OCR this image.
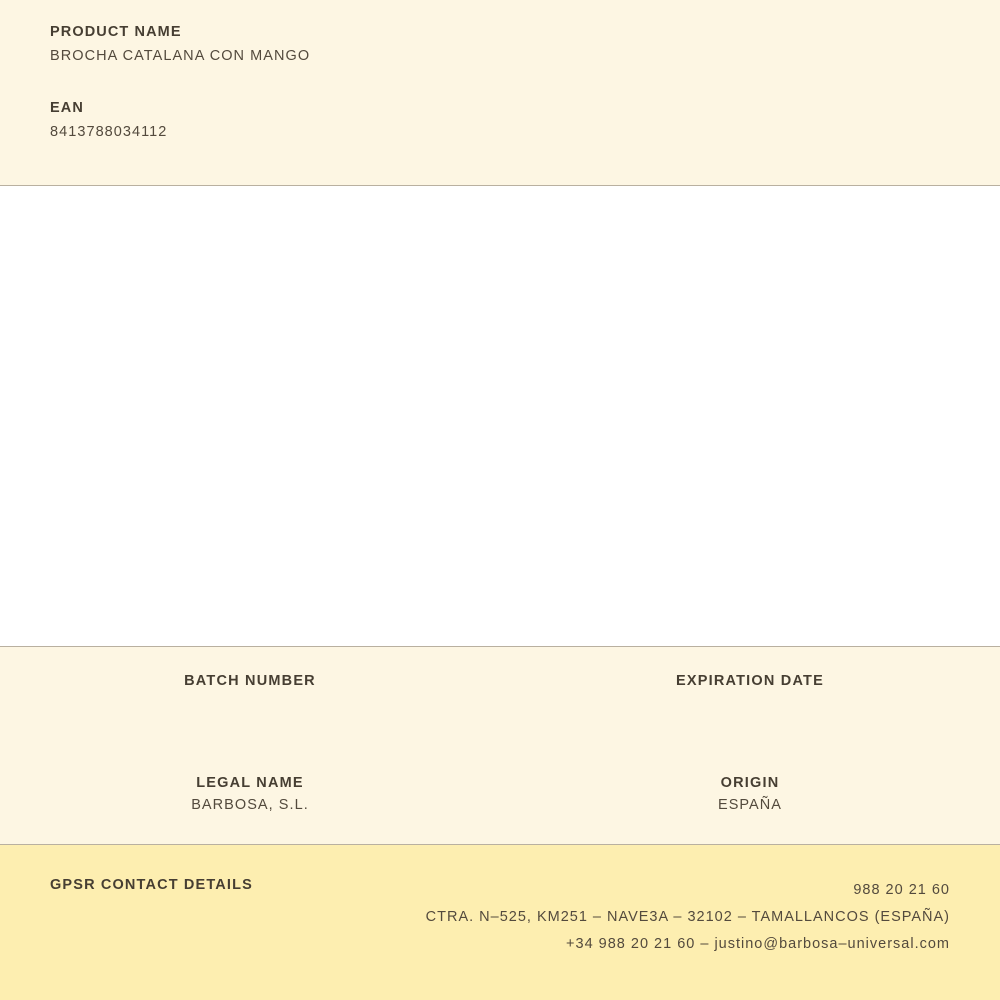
PRODUCT NAME
BROCHA CATALANA CON MANGO
EAN
8413788034112
BATCH NUMBER	EXPIRATION DATE
LEGAL NAME
BARBOSA, S.L.
ORIGIN
ESPAÑA
GPSR CONTACT DETAILS	988 20 21 60
CTRA. N–525, KM251 – NAVE3A – 32102 – TAMALLANCOS (ESPAÑA)
+34 988 20 21 60 – justino@barbosa–universal.com
